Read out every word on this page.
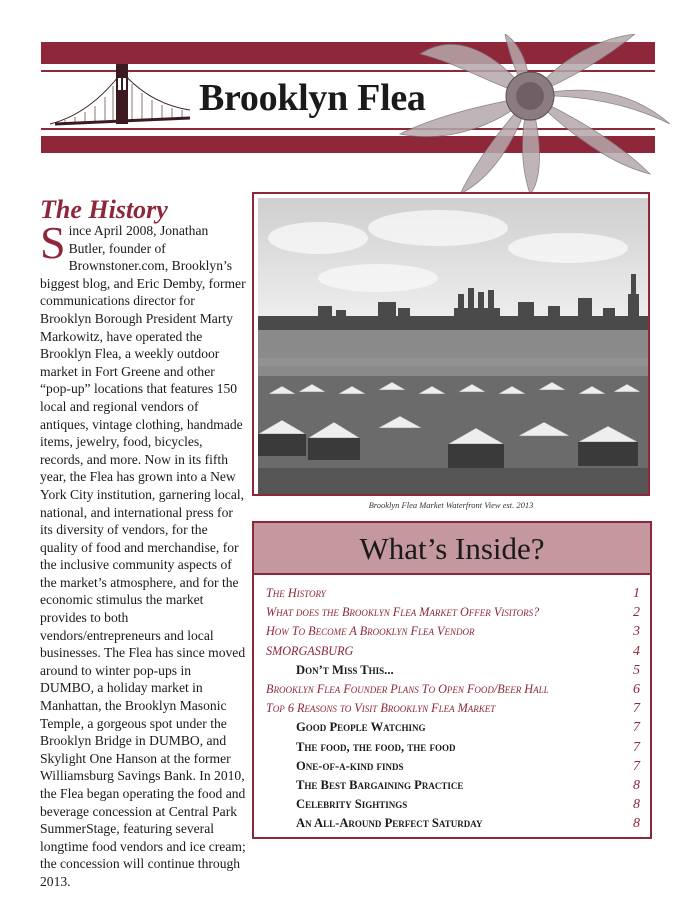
Brooklyn Flea
The History
S ince April 2008, Jonathan Butler, founder of Brownstoner.com, Brooklyn’s biggest blog, and Eric Demby, former communications director for Brooklyn Borough President Marty Markowitz, have operated the Brooklyn Flea, a weekly outdoor market in Fort Greene and other “pop-up” locations that features 150 local and regional vendors of antiques, vintage clothing, handmade items, jewelry, food, bicycles, records, and more. Now in its fifth year, the Flea has grown into a New York City institution, garnering local, national, and international press for its diversity of vendors, for the quality of food and merchandise, for the inclusive community aspects of the market’s atmosphere, and for the economic stimulus the market provides to both vendors/entrepreneurs and local businesses. The Flea has since moved around to winter pop-ups in DUMBO, a holiday market in Manhattan, the Brooklyn Masonic Temple, a gorgeous spot under the Brooklyn Bridge in DUMBO, and Skylight One Hanson at the former Williamsburg Savings Bank. In 2010, the Flea began operating the food and beverage concession at Central Park SummerStage, featuring several longtime food vendors and ice cream; the concession will continue through 2013.

Brooklyn Flea Market Waterfront View est. 2013
What’s Inside?
The History	1
What does the Brooklyn Flea Market Offer Visitors?	2
How To Become A Brooklyn Flea Vendor	3
SMORGASBURG	4
Don’t Miss This...	5
Brooklyn Flea Founder Plans To Open Food/Beer Hall	6
Top 6 Reasons to Visit Brooklyn Flea Market	7
Good People Watching	7
The food, the food, the food	7
One-of-a-kind finds	7
The Best Bargaining Practice	8
Celebrity Sightings	8
An All-Around Perfect Saturday	8
